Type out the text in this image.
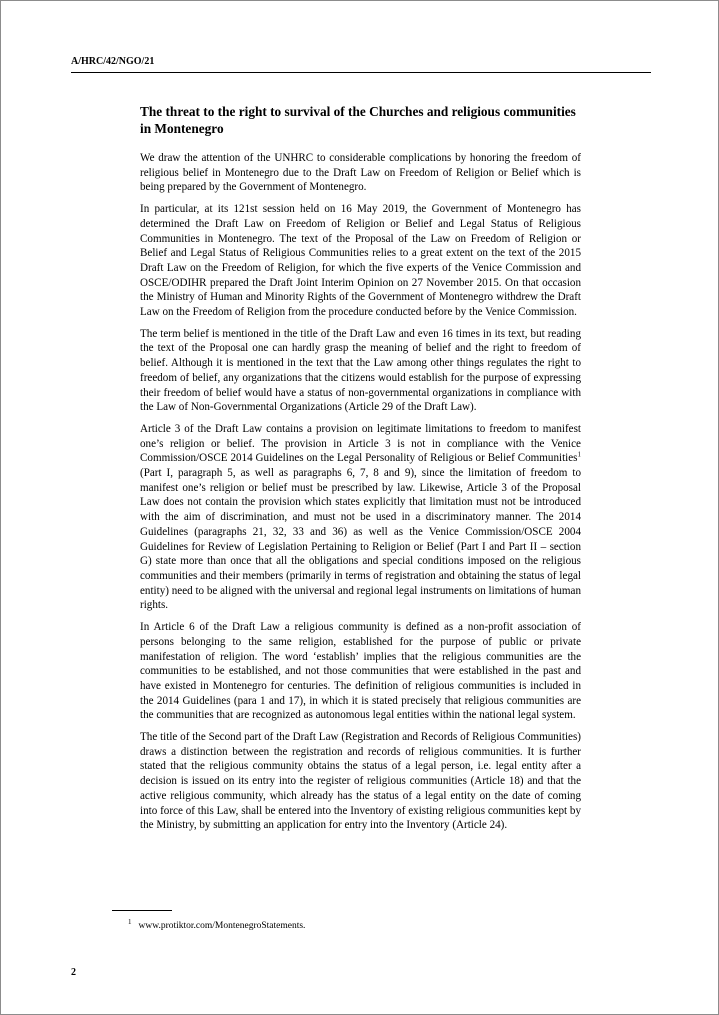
A/HRC/42/NGO/21
The threat to the right to survival of the Churches and religious communities in Montenegro

We draw the attention of the UNHRC to considerable complications by honoring the freedom of religious belief in Montenegro due to the Draft Law on Freedom of Religion or Belief which is being prepared by the Government of Montenegro.

In particular, at its 121st session held on 16 May 2019, the Government of Montenegro has determined the Draft Law on Freedom of Religion or Belief and Legal Status of Religious Communities in Montenegro. The text of the Proposal of the Law on Freedom of Religion or Belief and Legal Status of Religious Communities relies to a great extent on the text of the 2015 Draft Law on the Freedom of Religion, for which the five experts of the Venice Commission and OSCE/ODIHR prepared the Draft Joint Interim Opinion on 27 November 2015. On that occasion the Ministry of Human and Minority Rights of the Government of Montenegro withdrew the Draft Law on the Freedom of Religion from the procedure conducted before by the Venice Commission.

The term belief is mentioned in the title of the Draft Law and even 16 times in its text, but reading the text of the Proposal one can hardly grasp the meaning of belief and the right to freedom of belief. Although it is mentioned in the text that the Law among other things regulates the right to freedom of belief, any organizations that the citizens would establish for the purpose of expressing their freedom of belief would have a status of non-governmental organizations in compliance with the Law of Non-Governmental Organizations (Article 29 of the Draft Law).

Article 3 of the Draft Law contains a provision on legitimate limitations to freedom to manifest one’s religion or belief. The provision in Article 3 is not in compliance with the Venice Commission/OSCE 2014 Guidelines on the Legal Personality of Religious or Belief Communities$^1$ (Part I, paragraph 5, as well as paragraphs 6, 7, 8 and 9), since the limitation of freedom to manifest one’s religion or belief must be prescribed by law. Likewise, Article 3 of the Proposal Law does not contain the provision which states explicitly that limitation must not be introduced with the aim of discrimination, and must not be used in a discriminatory manner. The 2014 Guidelines (paragraphs 21, 32, 33 and 36) as well as the Venice Commission/OSCE 2004 Guidelines for Review of Legislation Pertaining to Religion or Belief (Part I and Part II – section G) state more than once that all the obligations and special conditions imposed on the religious communities and their members (primarily in terms of registration and obtaining the status of legal entity) need to be aligned with the universal and regional legal instruments on limitations of human rights.

In Article 6 of the Draft Law a religious community is defined as a non-profit association of persons belonging to the same religion, established for the purpose of public or private manifestation of religion. The word ‘establish’ implies that the religious communities are the communities to be established, and not those communities that were established in the past and have existed in Montenegro for centuries. The definition of religious communities is included in the 2014 Guidelines (para 1 and 17), in which it is stated precisely that religious communities are the communities that are recognized as autonomous legal entities within the national legal system.

The title of the Second part of the Draft Law (Registration and Records of Religious Communities) draws a distinction between the registration and records of religious communities. It is further stated that the religious community obtains the status of a legal person, i.e. legal entity after a decision is issued on its entry into the register of religious communities (Article 18) and that the active religious community, which already has the status of a legal entity on the date of coming into force of this Law, shall be entered into the Inventory of existing religious communities kept by the Ministry, by submitting an application for entry into the Inventory (Article 24).

$^1$ www.protiktor.com/MontenegroStatements.
2
